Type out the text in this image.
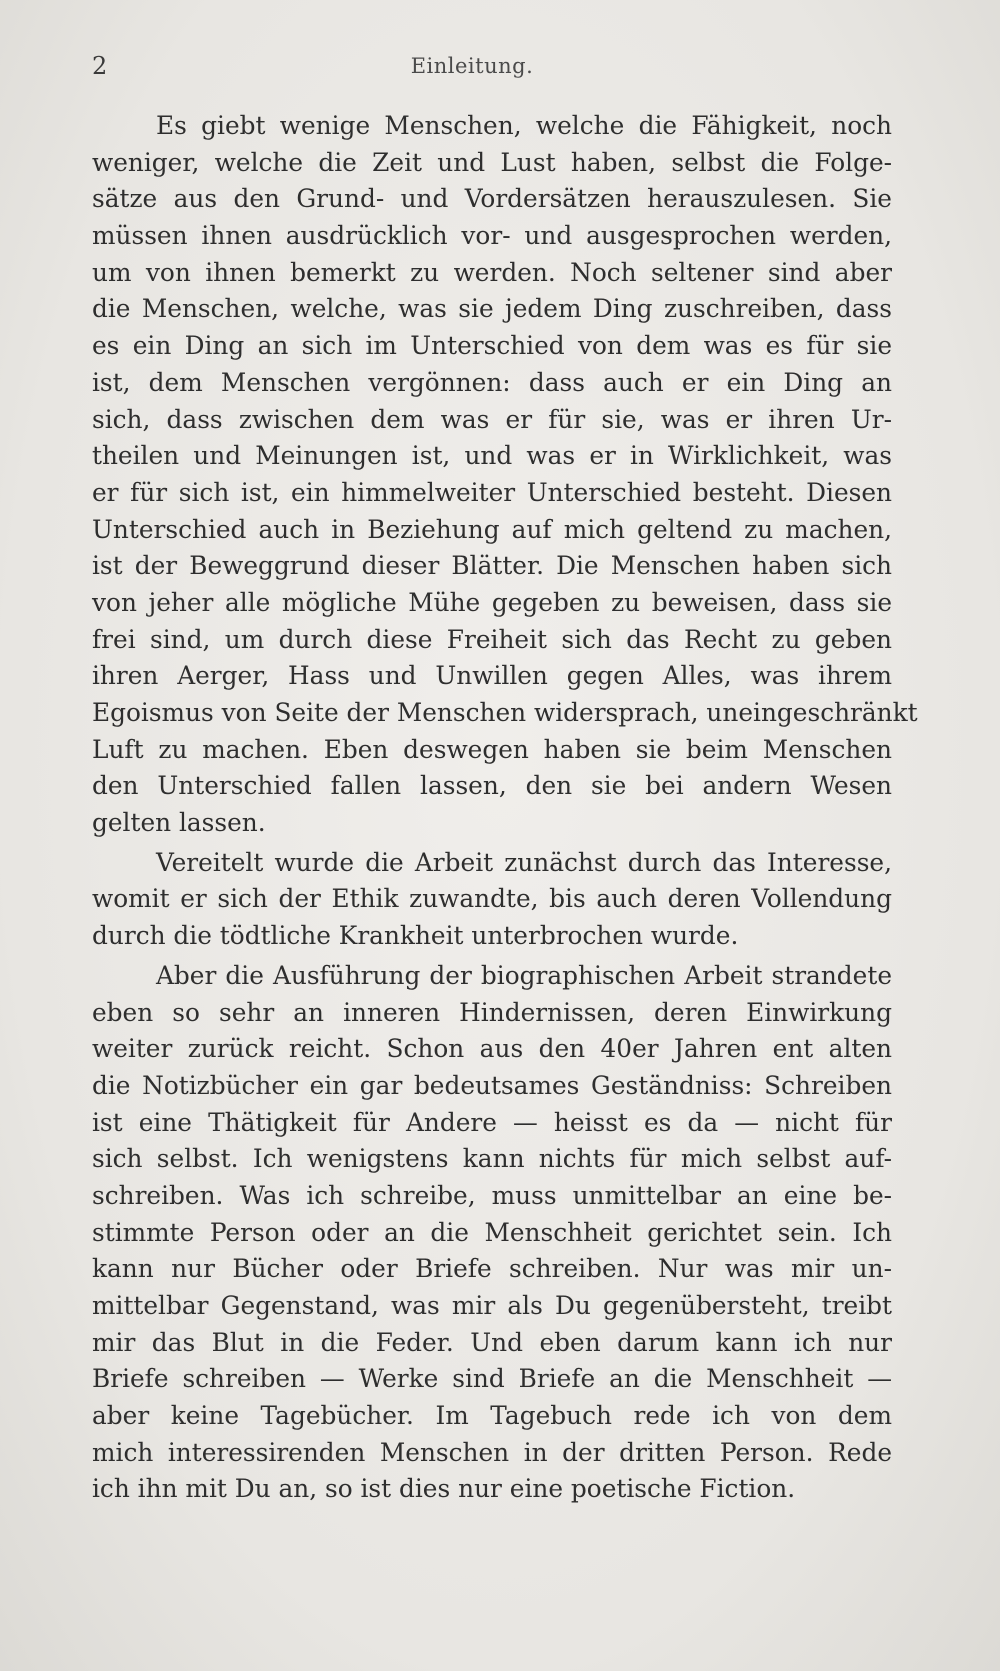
2	Einleitung.
Es giebt wenige Menschen, welche die Fähigkeit, noch
weniger, welche die Zeit und Lust haben, selbst die Folge-
sätze aus den Grund- und Vordersätzen herauszulesen. Sie
müssen ihnen ausdrücklich vor- und ausgesprochen werden,
um von ihnen bemerkt zu werden. Noch seltener sind aber
die Menschen, welche, was sie jedem Ding zuschreiben, dass
es ein Ding an sich im Unterschied von dem was es für sie
ist, dem Menschen vergönnen: dass auch er ein Ding an
sich, dass zwischen dem was er für sie, was er ihren Ur-
theilen und Meinungen ist, und was er in Wirklichkeit, was
er für sich ist, ein himmelweiter Unterschied besteht. Diesen
Unterschied auch in Beziehung auf mich geltend zu machen,
ist der Beweggrund dieser Blätter. Die Menschen haben sich
von jeher alle mögliche Mühe gegeben zu beweisen, dass sie
frei sind, um durch diese Freiheit sich das Recht zu geben
ihren Aerger, Hass und Unwillen gegen Alles, was ihrem
Egoismus von Seite der Menschen widersprach, uneingeschränkt
Luft zu machen. Eben deswegen haben sie beim Menschen
den Unterschied fallen lassen, den sie bei andern Wesen
gelten lassen.
Vereitelt wurde die Arbeit zunächst durch das Interesse,
womit er sich der Ethik zuwandte, bis auch deren Vollendung
durch die tödtliche Krankheit unterbrochen wurde.
Aber die Ausführung der biographischen Arbeit strandete
eben so sehr an inneren Hindernissen, deren Einwirkung
weiter zurück reicht. Schon aus den 40er Jahren ent alten
die Notizbücher ein gar bedeutsames Geständniss: Schreiben
ist eine Thätigkeit für Andere — heisst es da — nicht für
sich selbst. Ich wenigstens kann nichts für mich selbst auf-
schreiben. Was ich schreibe, muss unmittelbar an eine be-
stimmte Person oder an die Menschheit gerichtet sein. Ich
kann nur Bücher oder Briefe schreiben. Nur was mir un-
mittelbar Gegenstand, was mir als Du gegenübersteht, treibt
mir das Blut in die Feder. Und eben darum kann ich nur
Briefe schreiben — Werke sind Briefe an die Menschheit —
aber keine Tagebücher. Im Tagebuch rede ich von dem
mich interessirenden Menschen in der dritten Person. Rede
ich ihn mit Du an, so ist dies nur eine poetische Fiction.
